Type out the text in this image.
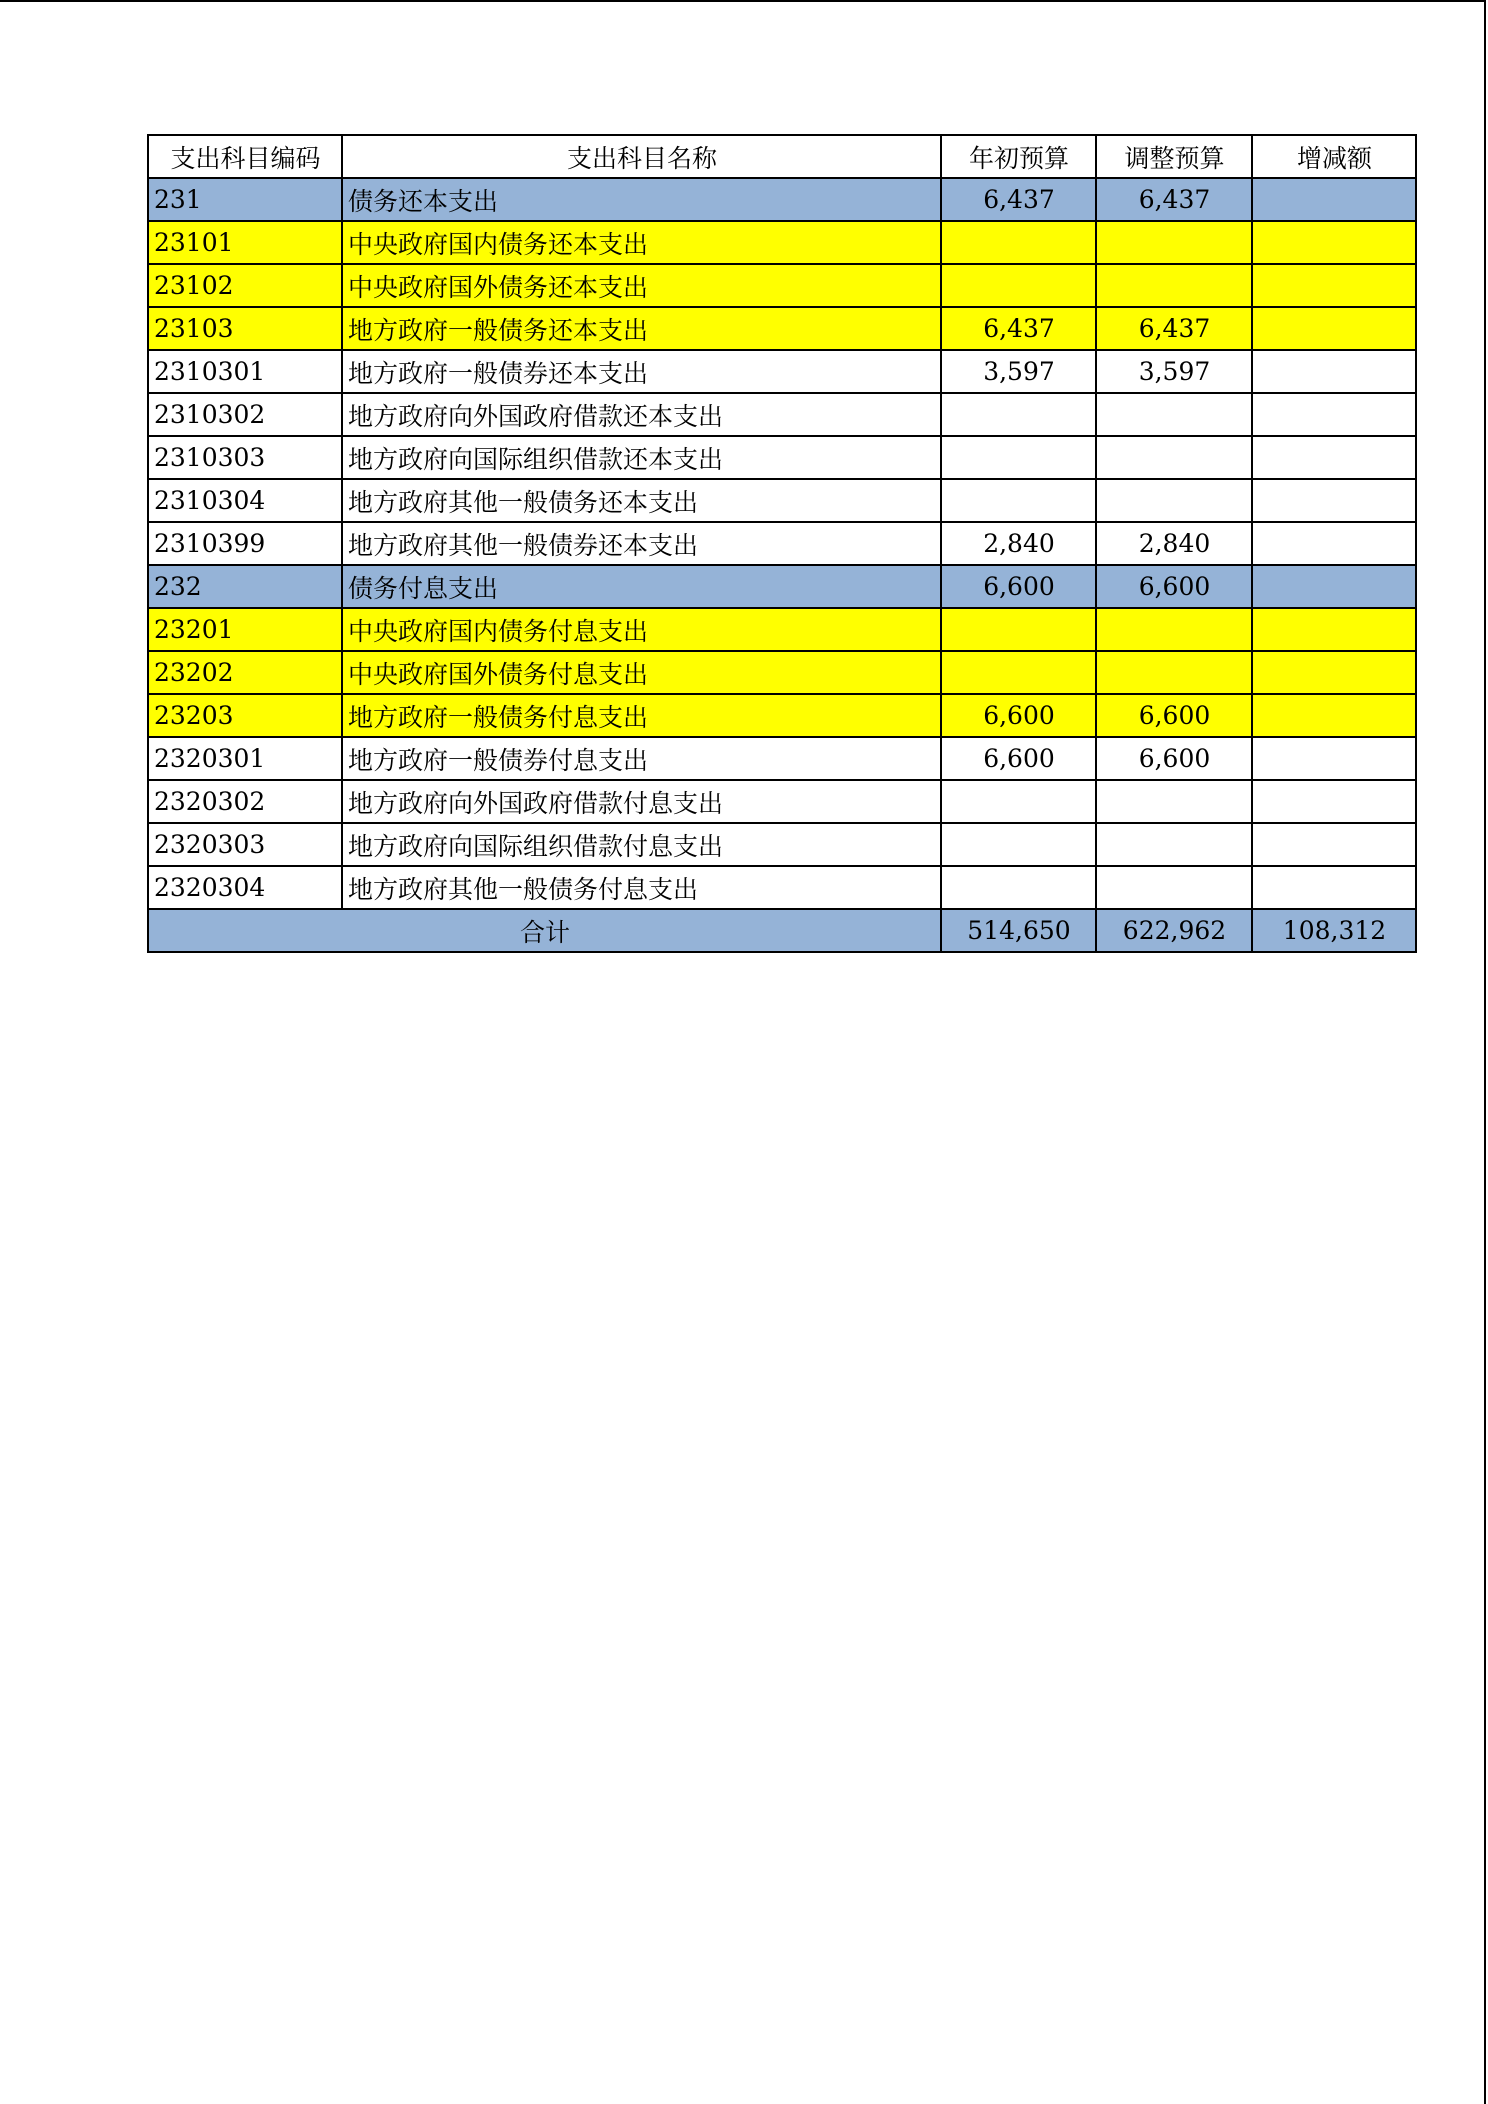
支出科目编码	支出科目名称	年初预算	调整预算	增减额
231	债务还本支出	6,437	6,437	
23101	中央政府国内债务还本支出			
23102	中央政府国外债务还本支出			
23103	地方政府一般债务还本支出	6,437	6,437	
2310301	地方政府一般债券还本支出	3,597	3,597	
2310302	地方政府向外国政府借款还本支出			
2310303	地方政府向国际组织借款还本支出			
2310304	地方政府其他一般债务还本支出			
2310399	地方政府其他一般债券还本支出	2,840	2,840	
232	债务付息支出	6,600	6,600	
23201	中央政府国内债务付息支出			
23202	中央政府国外债务付息支出			
23203	地方政府一般债务付息支出	6,600	6,600	
2320301	地方政府一般债券付息支出	6,600	6,600	
2320302	地方政府向外国政府借款付息支出			
2320303	地方政府向国际组织借款付息支出			
2320304	地方政府其他一般债务付息支出			
合计		514,650	622,962	108,312
